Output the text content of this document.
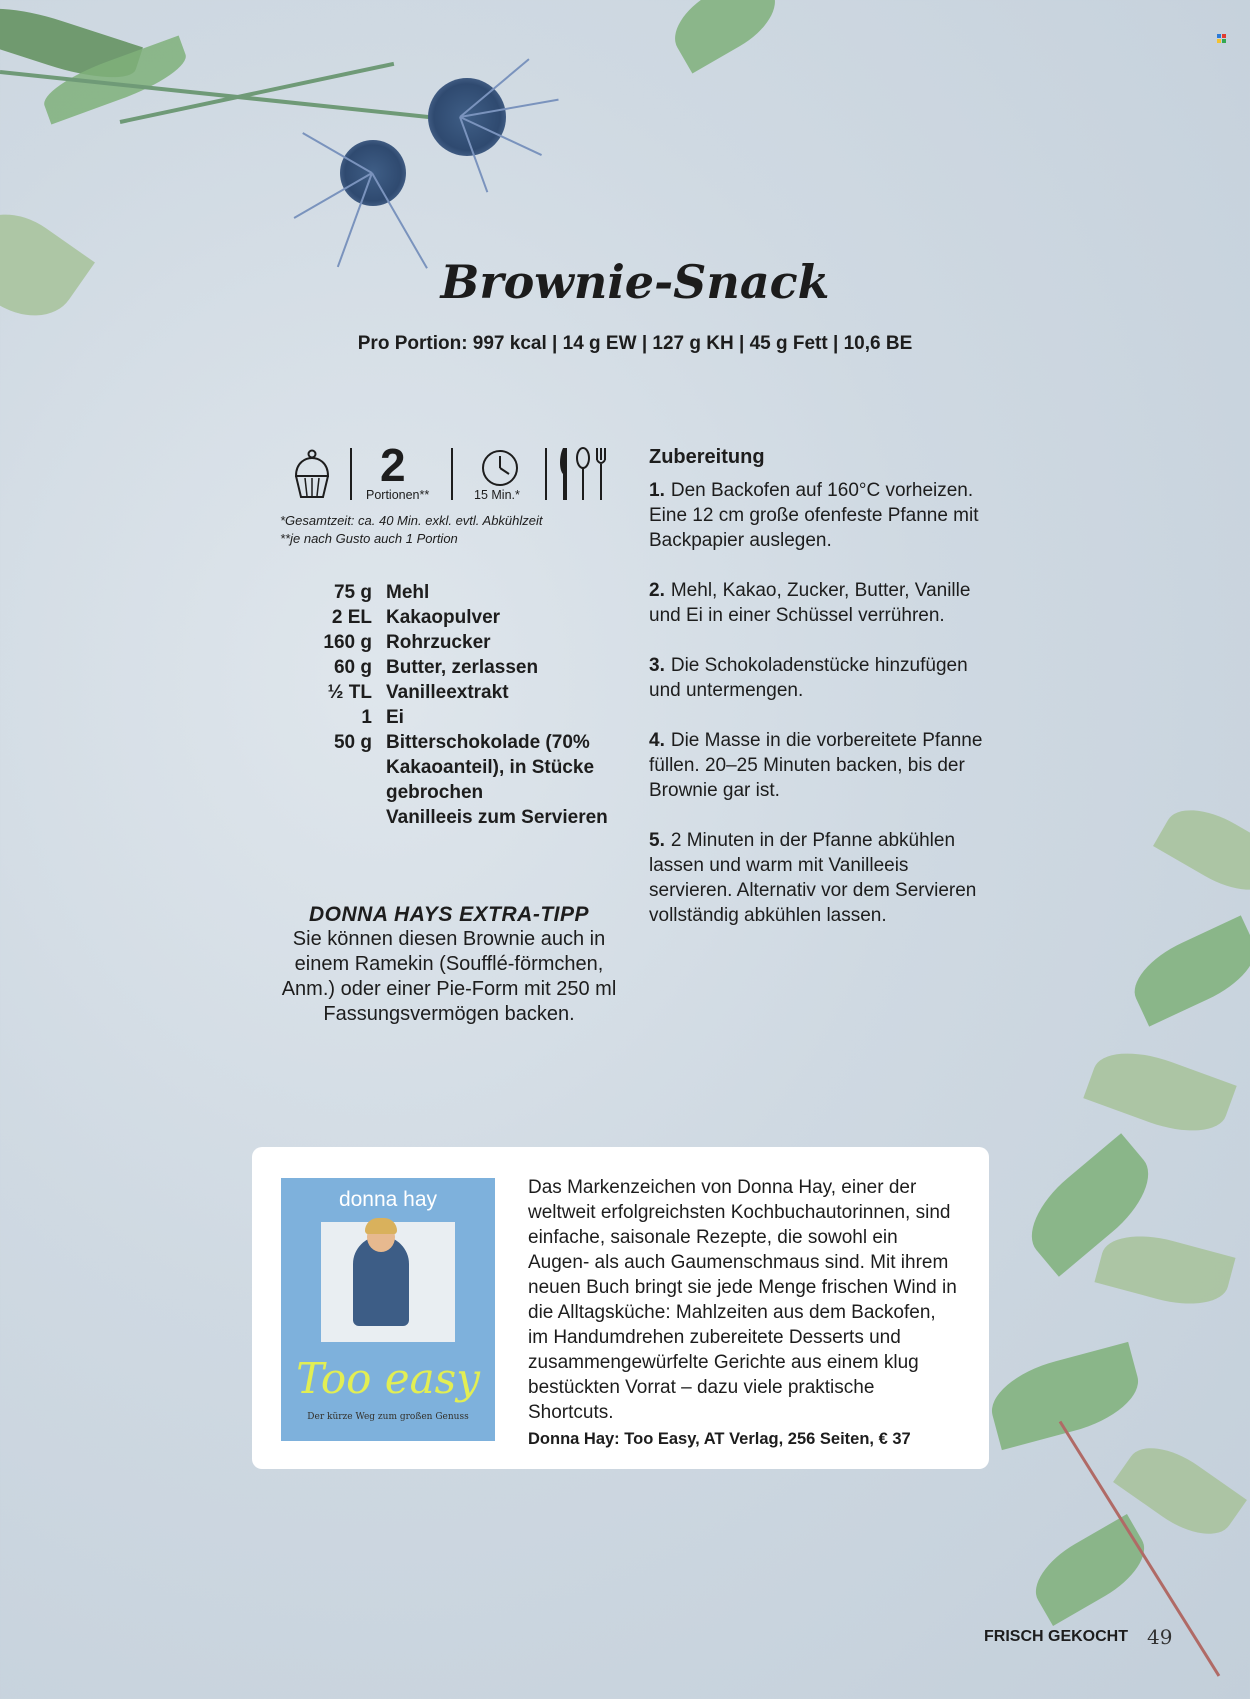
Brownie-Snack
Pro Portion: 997 kcal | 14 g EW | 127 g KH | 45 g Fett | 10,6 BE
2
Portionen**	15 Min.*
*Gesamtzeit: ca. 40 Min. exkl. evtl. Abkühlzeit
**je nach Gusto auch 1 Portion
75 g Mehl
2 EL Kakaopulver
160 g Rohrzucker
60 g Butter, zerlassen
½ TL Vanilleextrakt
1 Ei
50 g Bitterschokolade (70% Kakaoanteil), in Stücke gebrochen
Vanilleeis zum Servieren
Zubereitung
1. Den Backofen auf 160°C vorheizen. Eine 12 cm große ofenfeste Pfanne mit Backpapier auslegen.
2. Mehl, Kakao, Zucker, Butter, Vanille und Ei in einer Schüssel verrühren.
3. Die Schokoladenstücke hinzufügen und untermengen.
4. Die Masse in die vorbereitete Pfanne füllen. 20–25 Minuten backen, bis der Brownie gar ist.
5. 2 Minuten in der Pfanne abkühlen lassen und warm mit Vanilleeis servieren. Alternativ vor dem Servieren vollständig abkühlen lassen.
DONNA HAYS EXTRA-TIPP
Sie können diesen Brownie auch in einem Ramekin (Soufflé-förmchen, Anm.) oder einer Pie-Form mit 250 ml Fassungsvermögen backen.
donna hay
Too easy
Der kürze Weg zum großen Genuss
Das Markenzeichen von Donna Hay, einer der weltweit erfolgreichsten Kochbuchautorinnen, sind einfache, saisonale Rezepte, die sowohl ein Augen- als auch Gaumenschmaus sind. Mit ihrem neuen Buch bringt sie jede Menge frischen Wind in die Alltagsküche: Mahlzeiten aus dem Backofen, im Handumdrehen zubereitete Desserts und zusammengewürfelte Gerichte aus einem klug bestückten Vorrat – dazu viele praktische Shortcuts.
Donna Hay: Too Easy, AT Verlag, 256 Seiten, € 37
FRISCH GEKOCHT 49
